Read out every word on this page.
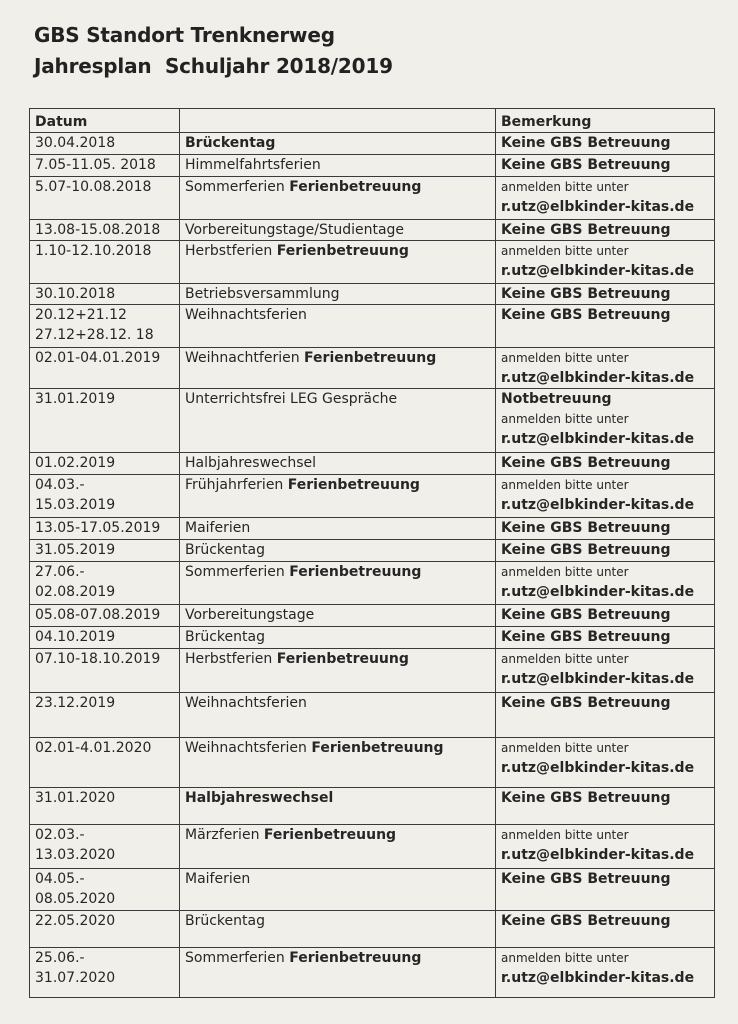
GBS Standort Trenknerweg
Jahresplan  Schuljahr 2018/2019
Datum		Bemerkung

30.04.2018	Brückentag	Keine GBS Betreuung

7.05-11.05. 2018	Himmelfahrtsferien	Keine GBS Betreuung

5.07-10.08.2018	Sommerferien Ferienbetreuung	anmelden bitte unter
r.utz@elbkinder-kitas.de

13.08-15.08.2018	Vorbereitungstage/Studientage	Keine GBS Betreuung

1.10-12.10.2018	Herbstferien Ferienbetreuung	anmelden bitte unter
r.utz@elbkinder-kitas.de

30.10.2018	Betriebsversammlung	Keine GBS Betreuung

20.12+21.12
27.12+28.12. 18	Weihnachtsferien	Keine GBS Betreuung

02.01-04.01.2019	Weihnachtferien Ferienbetreuung	anmelden bitte unter
r.utz@elbkinder-kitas.de

31.01.2019	Unterrichtsfrei LEG Gespräche	Notbetreuung
anmelden bitte unter
r.utz@elbkinder-kitas.de

01.02.2019	Halbjahreswechsel	Keine GBS Betreuung

04.03.-
15.03.2019	Frühjahrferien Ferienbetreuung	anmelden bitte unter
r.utz@elbkinder-kitas.de

13.05-17.05.2019	Maiferien	Keine GBS Betreuung

31.05.2019	Brückentag	Keine GBS Betreuung

27.06.-
02.08.2019	Sommerferien Ferienbetreuung	anmelden bitte unter
r.utz@elbkinder-kitas.de

05.08-07.08.2019	Vorbereitungstage	Keine GBS Betreuung

04.10.2019	Brückentag	Keine GBS Betreuung

07.10-18.10.2019	Herbstferien Ferienbetreuung	anmelden bitte unter
r.utz@elbkinder-kitas.de

23.12.2019	Weihnachtsferien	Keine GBS Betreuung

02.01-4.01.2020	Weihnachtsferien Ferienbetreuung	anmelden bitte unter
r.utz@elbkinder-kitas.de

31.01.2020	Halbjahreswechsel	Keine GBS Betreuung

02.03.-
13.03.2020	Märzferien Ferienbetreuung	anmelden bitte unter
r.utz@elbkinder-kitas.de

04.05.-
08.05.2020	Maiferien	Keine GBS Betreuung

22.05.2020	Brückentag	Keine GBS Betreuung

25.06.-
31.07.2020	Sommerferien Ferienbetreuung	anmelden bitte unter
r.utz@elbkinder-kitas.de
